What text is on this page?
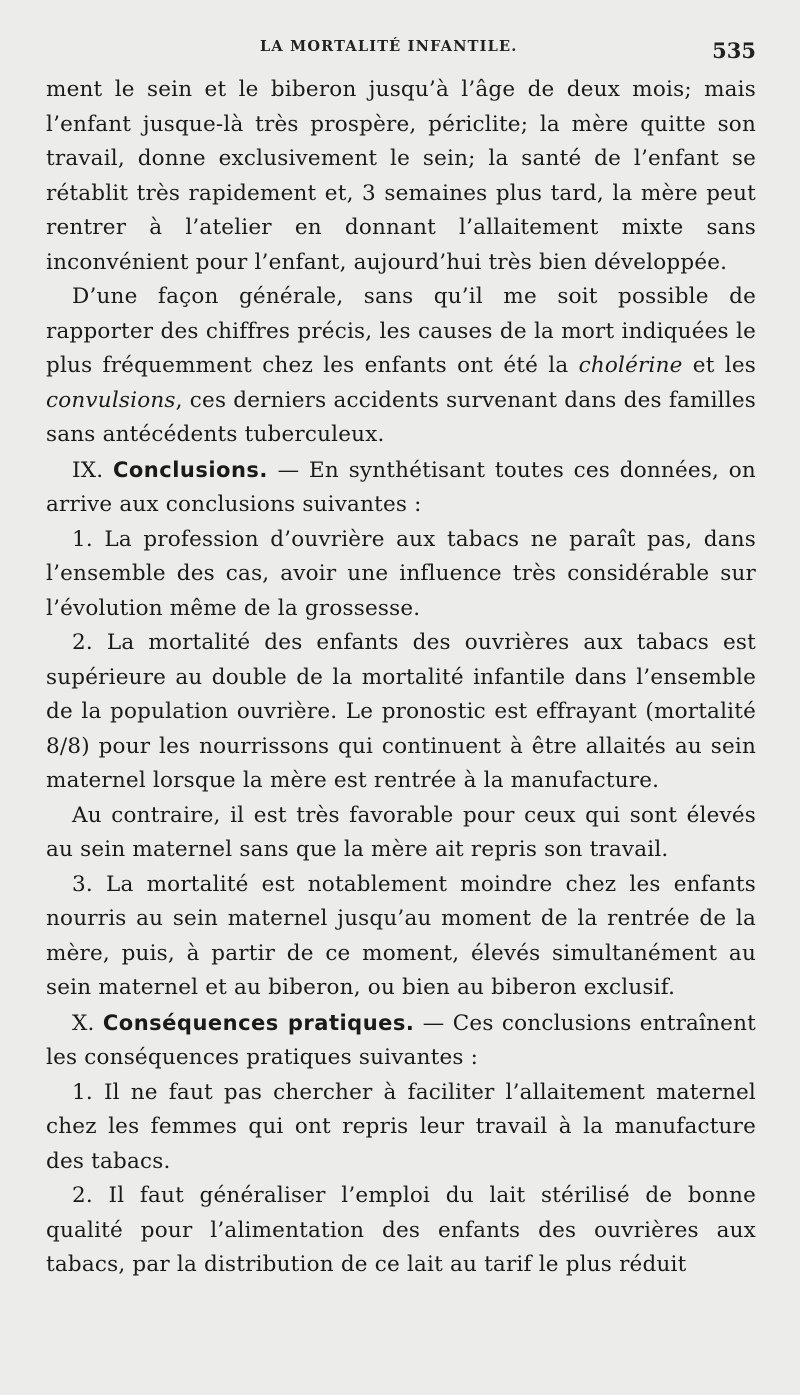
LA MORTALITÉ INFANTILE.	535

ment le sein et le biberon jusqu’à l’âge de deux mois; mais l’enfant jusque-là très prospère, périclite; la mère quitte son travail, donne exclusivement le sein; la santé de l’enfant se rétablit très rapidement et, 3 semaines plus tard, la mère peut rentrer à l’atelier en donnant l’allaitement mixte sans inconvénient pour l’enfant, aujourd’hui très bien développée.

D’une façon générale, sans qu’il me soit possible de rapporter des chiffres précis, les causes de la mort indiquées le plus fréquemment chez les enfants ont été la cholérine et les convulsions, ces derniers accidents survenant dans des familles sans antécédents tuberculeux.

IX. Conclusions. — En synthétisant toutes ces données, on arrive aux conclusions suivantes :

1. La profession d’ouvrière aux tabacs ne paraît pas, dans l’ensemble des cas, avoir une influence très considérable sur l’évolution même de la grossesse.

2. La mortalité des enfants des ouvrières aux tabacs est supérieure au double de la mortalité infantile dans l’ensemble de la population ouvrière. Le pronostic est effrayant (mortalité 8/8) pour les nourrissons qui continuent à être allaités au sein maternel lorsque la mère est rentrée à la manufacture.

Au contraire, il est très favorable pour ceux qui sont élevés au sein maternel sans que la mère ait repris son travail.

3. La mortalité est notablement moindre chez les enfants nourris au sein maternel jusqu’au moment de la rentrée de la mère, puis, à partir de ce moment, élevés simultanément au sein maternel et au biberon, ou bien au biberon exclusif.

X. Conséquences pratiques. — Ces conclusions entraînent les conséquences pratiques suivantes :

1. Il ne faut pas chercher à faciliter l’allaitement maternel chez les femmes qui ont repris leur travail à la manufacture des tabacs.

2. Il faut généraliser l’emploi du lait stérilisé de bonne qualité pour l’alimentation des enfants des ouvrières aux tabacs, par la distribution de ce lait au tarif le plus réduit
